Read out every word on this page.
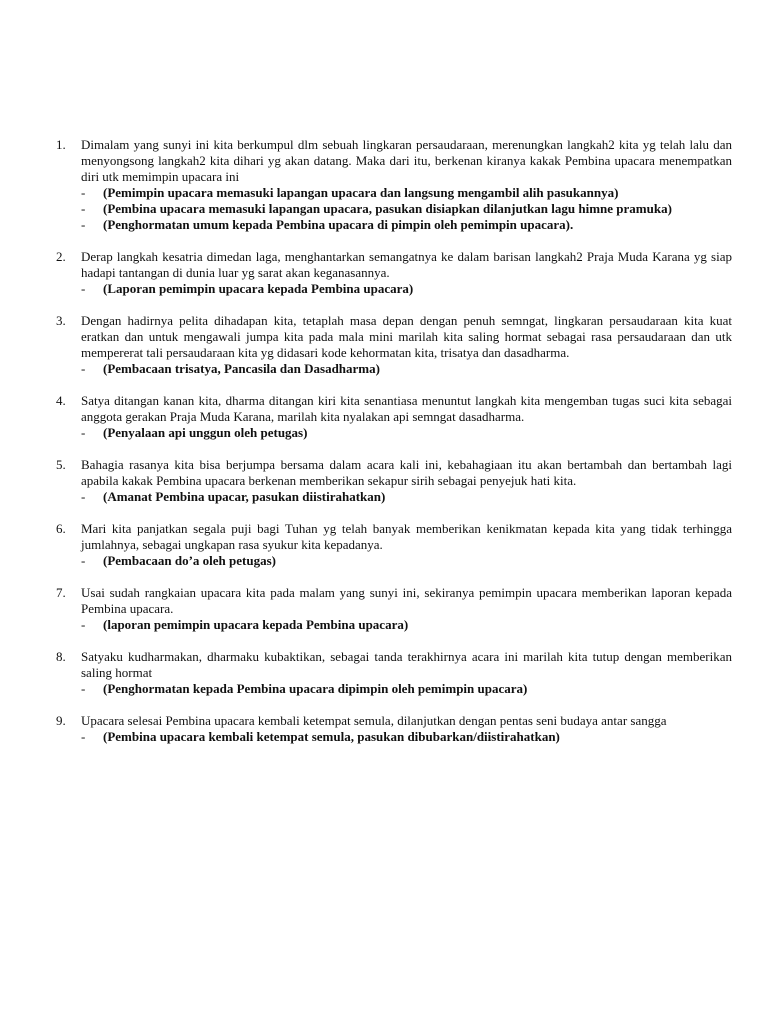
1. Dimalam yang sunyi ini kita berkumpul dlm sebuah lingkaran persaudaraan, merenungkan langkah2 kita yg telah lalu dan menyongsong langkah2 kita dihari yg akan datang. Maka dari itu, berkenan kiranya kakak Pembina upacara menempatkan diri utk memimpin upacara ini
- (Pemimpin upacara memasuki lapangan upacara dan langsung mengambil alih pasukannya)
- (Pembina upacara memasuki lapangan upacara, pasukan disiapkan dilanjutkan lagu himne pramuka)
- (Penghormatan umum kepada Pembina upacara di pimpin oleh pemimpin upacara).
2. Derap langkah kesatria dimedan laga, menghantarkan semangatnya ke dalam barisan langkah2 Praja Muda Karana yg siap hadapi tantangan di dunia luar yg sarat akan keganasannya.
- (Laporan pemimpin upacara kepada Pembina upacara)
3. Dengan hadirnya pelita dihadapan kita, tetaplah masa depan dengan penuh semngat, lingkaran persaudaraan kita kuat eratkan dan untuk mengawali jumpa kita pada mala mini marilah kita saling hormat sebagai rasa persaudaraan dan utk mempererat tali persaudaraan kita yg didasari kode kehormatan kita, trisatya dan dasadharma.
- (Pembacaan trisatya, Pancasila dan Dasadharma)
4. Satya ditangan kanan kita, dharma ditangan kiri kita senantiasa menuntut langkah kita mengemban tugas suci kita sebagai anggota gerakan Praja Muda Karana, marilah kita nyalakan api semngat dasadharma.
- (Penyalaan api unggun oleh petugas)
5. Bahagia rasanya kita bisa berjumpa bersama dalam acara kali ini, kebahagiaan itu akan bertambah dan bertambah lagi apabila kakak Pembina upacara berkenan memberikan sekapur sirih sebagai penyejuk hati kita.
- (Amanat Pembina upacar, pasukan diistirahatkan)
6. Mari kita panjatkan segala puji bagi Tuhan yg telah banyak memberikan kenikmatan kepada kita yang tidak terhingga jumlahnya, sebagai ungkapan rasa syukur kita kepadanya.
- (Pembacaan do’a oleh petugas)
7. Usai sudah rangkaian upacara kita pada malam yang sunyi ini, sekiranya pemimpin upacara memberikan laporan kepada Pembina upacara.
- (laporan pemimpin upacara kepada Pembina upacara)
8. Satyaku kudharmakan, dharmaku kubaktikan, sebagai tanda terakhirnya acara ini marilah kita tutup dengan memberikan saling hormat
- (Penghormatan kepada Pembina upacara dipimpin oleh pemimpin upacara)
9. Upacara selesai Pembina upacara kembali ketempat semula, dilanjutkan dengan pentas seni budaya antar sangga
- (Pembina upacara kembali ketempat semula, pasukan dibubarkan/diistirahatkan)
